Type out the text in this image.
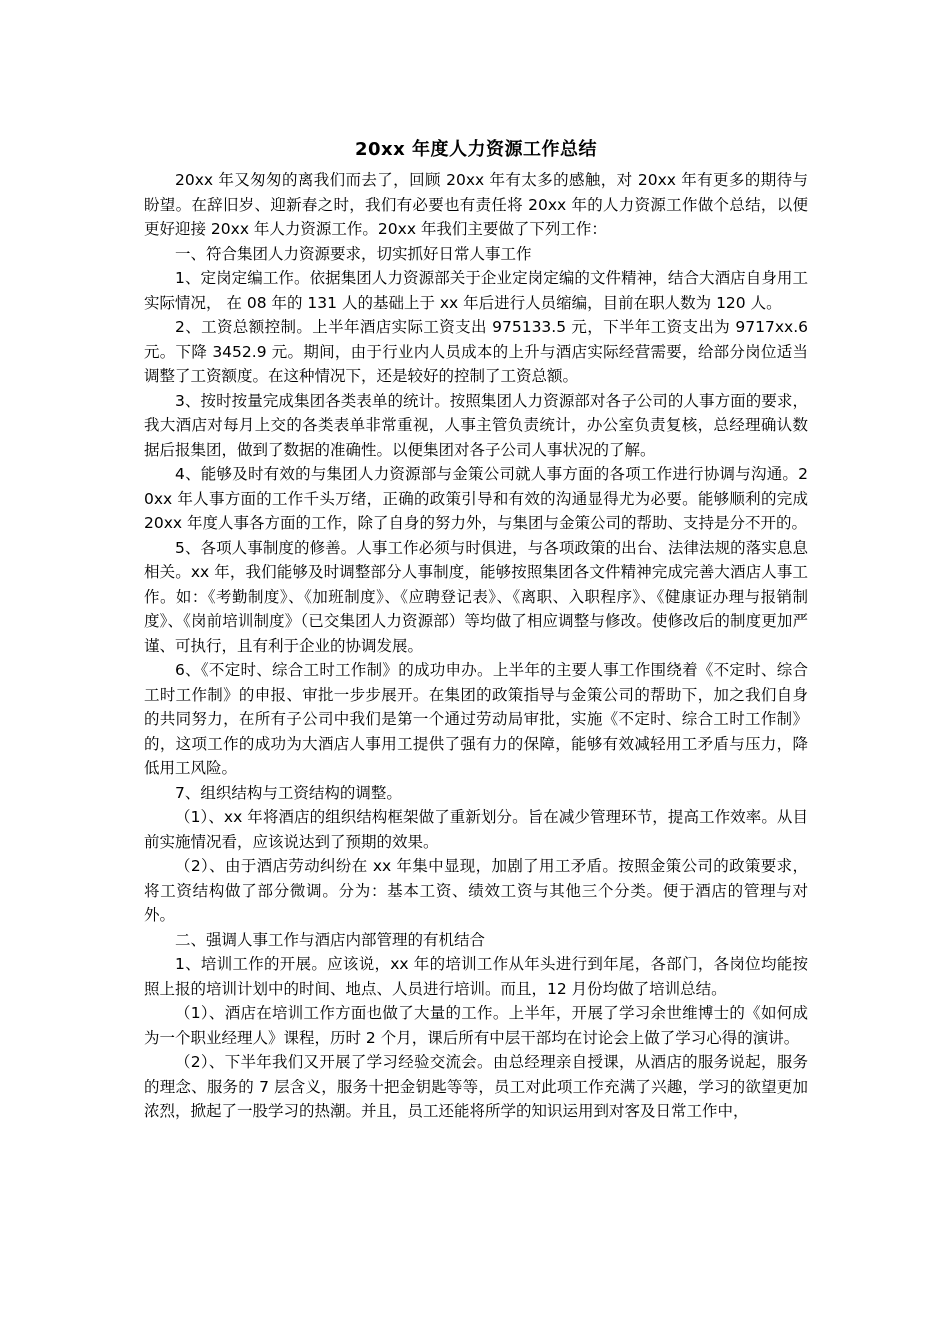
20xx 年度人力资源工作总结

20xx 年又匆匆的离我们而去了，回顾 20xx 年有太多的感触，对 20xx 年有更多的期待与盼望。在辞旧岁、迎新春之时，我们有必要也有责任将 20xx 年的人力资源工作做个总结，以便更好迎接 20xx 年人力资源工作。20xx 年我们主要做了下列工作：

一、符合集团人力资源要求，切实抓好日常人事工作

1、定岗定编工作。依据集团人力资源部关于企业定岗定编的文件精神，结合大酒店自身用工实际情况， 在 08 年的 131 人的基础上于 xx 年后进行人员缩编，目前在职人数为 120 人。

2、工资总额控制。上半年酒店实际工资支出 975133.5 元，下半年工资支出为 9717xx.6 元。下降 3452.9 元。期间，由于行业内人员成本的上升与酒店实际经营需要，给部分岗位适当调整了工资额度。在这种情况下，还是较好的控制了工资总额。

3、按时按量完成集团各类表单的统计。按照集团人力资源部对各子公司的人事方面的要求，我大酒店对每月上交的各类表单非常重视，人事主管负责统计，办公室负责复核，总经理确认数据后报集团，做到了数据的准确性。以便集团对各子公司人事状况的了解。

4、能够及时有效的与集团人力资源部与金策公司就人事方面的各项工作进行协调与沟通。20xx 年人事方面的工作千头万绪，正确的政策引导和有效的沟通显得尤为必要。能够顺利的完成 20xx 年度人事各方面的工作，除了自身的努力外，与集团与金策公司的帮助、支持是分不开的。

5、各项人事制度的修善。人事工作必须与时俱进，与各项政策的出台、法律法规的落实息息相关。xx 年，我们能够及时调整部分人事制度，能够按照集团各文件精神完成完善大酒店人事工作。如：《考勤制度》、《加班制度》、《应聘登记表》、《离职、入职程序》、《健康证办理与报销制度》、《岗前培训制度》（已交集团人力资源部）等均做了相应调整与修改。使修改后的制度更加严谨、可执行，且有利于企业的协调发展。

6、《不定时、综合工时工作制》的成功申办。上半年的主要人事工作围绕着《不定时、综合工时工作制》的申报、审批一步步展开。在集团的政策指导与金策公司的帮助下，加之我们自身的共同努力，在所有子公司中我们是第一个通过劳动局审批，实施《不定时、综合工时工作制》的，这项工作的成功为大酒店人事用工提供了强有力的保障，能够有效减轻用工矛盾与压力，降低用工风险。

7、组织结构与工资结构的调整。

（1）、xx 年将酒店的组织结构框架做了重新划分。旨在减少管理环节，提高工作效率。从目前实施情况看，应该说达到了预期的效果。

（2）、由于酒店劳动纠纷在 xx 年集中显现，加剧了用工矛盾。按照金策公司的政策要求，将工资结构做了部分微调。分为：基本工资、绩效工资与其他三个分类。便于酒店的管理与对外。

二、强调人事工作与酒店内部管理的有机结合

1、培训工作的开展。应该说，xx 年的培训工作从年头进行到年尾，各部门，各岗位均能按照上报的培训计划中的时间、地点、人员进行培训。而且，12 月份均做了培训总结。

（1）、酒店在培训工作方面也做了大量的工作。上半年，开展了学习余世维博士的《如何成为一个职业经理人》课程，历时 2 个月，课后所有中层干部均在讨论会上做了学习心得的演讲。

（2）、下半年我们又开展了学习经验交流会。由总经理亲自授课，从酒店的服务说起，服务的理念、服务的 7 层含义，服务十把金钥匙等等，员工对此项工作充满了兴趣，学习的欲望更加浓烈，掀起了一股学习的热潮。并且，员工还能将所学的知识运用到对客及日常工作中，
